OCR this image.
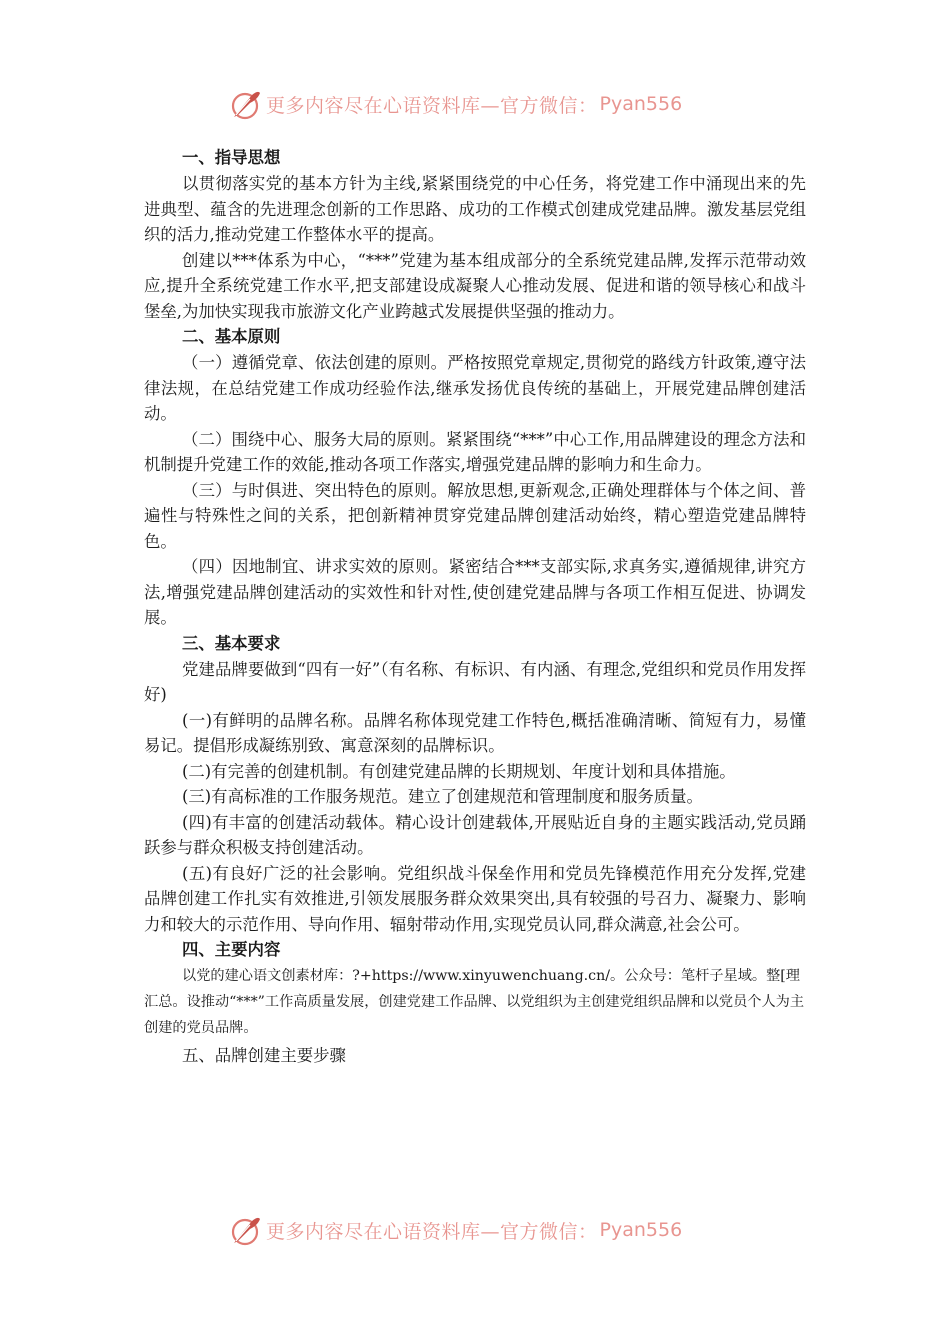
更多内容尽在心语资料库—官方微信： Pyan556

一、指导思想

以贯彻落实党的基本方针为主线,紧紧围绕党的中心任务，将党建工作中涌现出来的先进典型、蕴含的先进理念创新的工作思路、成功的工作模式创建成党建品牌。激发基层党组织的活力,推动党建工作整体水平的提高。

创建以***体系为中心，“***”党建为基本组成部分的全系统党建品牌,发挥示范带动效应,提升全系统党建工作水平,把支部建设成凝聚人心推动发展、促进和谐的领导核心和战斗堡垒,为加快实现我市旅游文化产业跨越式发展提供坚强的推动力。

二、基本原则

（一）遵循党章、依法创建的原则。严格按照党章规定,贯彻党的路线方针政策,遵守法律法规，在总结党建工作成功经验作法,继承发扬优良传统的基础上，开展党建品牌创建活动。

（二）围绕中心、服务大局的原则。紧紧围绕“***”中心工作,用品牌建设的理念方法和机制提升党建工作的效能,推动各项工作落实,增强党建品牌的影响力和生命力。

（三）与时俱进、突出特色的原则。解放思想,更新观念,正确处理群体与个体之间、普遍性与特殊性之间的关系，把创新精神贯穿党建品牌创建活动始终，精心塑造党建品牌特色。

（四）因地制宜、讲求实效的原则。紧密结合***支部实际,求真务实,遵循规律,讲究方法,增强党建品牌创建活动的实效性和针对性,使创建党建品牌与各项工作相互促进、协调发展。

三、基本要求

党建品牌要做到“四有一好”（有名称、有标识、有内涵、有理念,党组织和党员作用发挥好)

(一)有鲜明的品牌名称。品牌名称体现党建工作特色,概括准确清晰、简短有力，易懂易记。提倡形成凝练别致、寓意深刻的品牌标识。

(二)有完善的创建机制。有创建党建品牌的长期规划、年度计划和具体措施。

(三)有高标准的工作服务规范。建立了创建规范和管理制度和服务质量。

(四)有丰富的创建活动载体。精心设计创建载体,开展贴近自身的主题实践活动,党员踊跃参与群众积极支持创建活动。

(五)有良好广泛的社会影响。党组织战斗保垒作用和党员先锋模范作用充分发挥,党建品牌创建工作扎实有效推进,引领发展服务群众效果突出,具有较强的号召力、凝聚力、影响力和较大的示范作用、导向作用、辐射带动作用,实现党员认同,群众满意,社会公可。

四、主要内容

以党的建心语文创素材库：?+https://www.xinyuwenchuang.cn/。公众号：笔杆子星域。整[理汇总。设推动“***”工作高质量发展，创建党建工作品牌、以党组织为主创建党组织品牌和以党员个人为主创建的党员品牌。

五、品牌创建主要步骤

更多内容尽在心语资料库—官方微信： Pyan556
